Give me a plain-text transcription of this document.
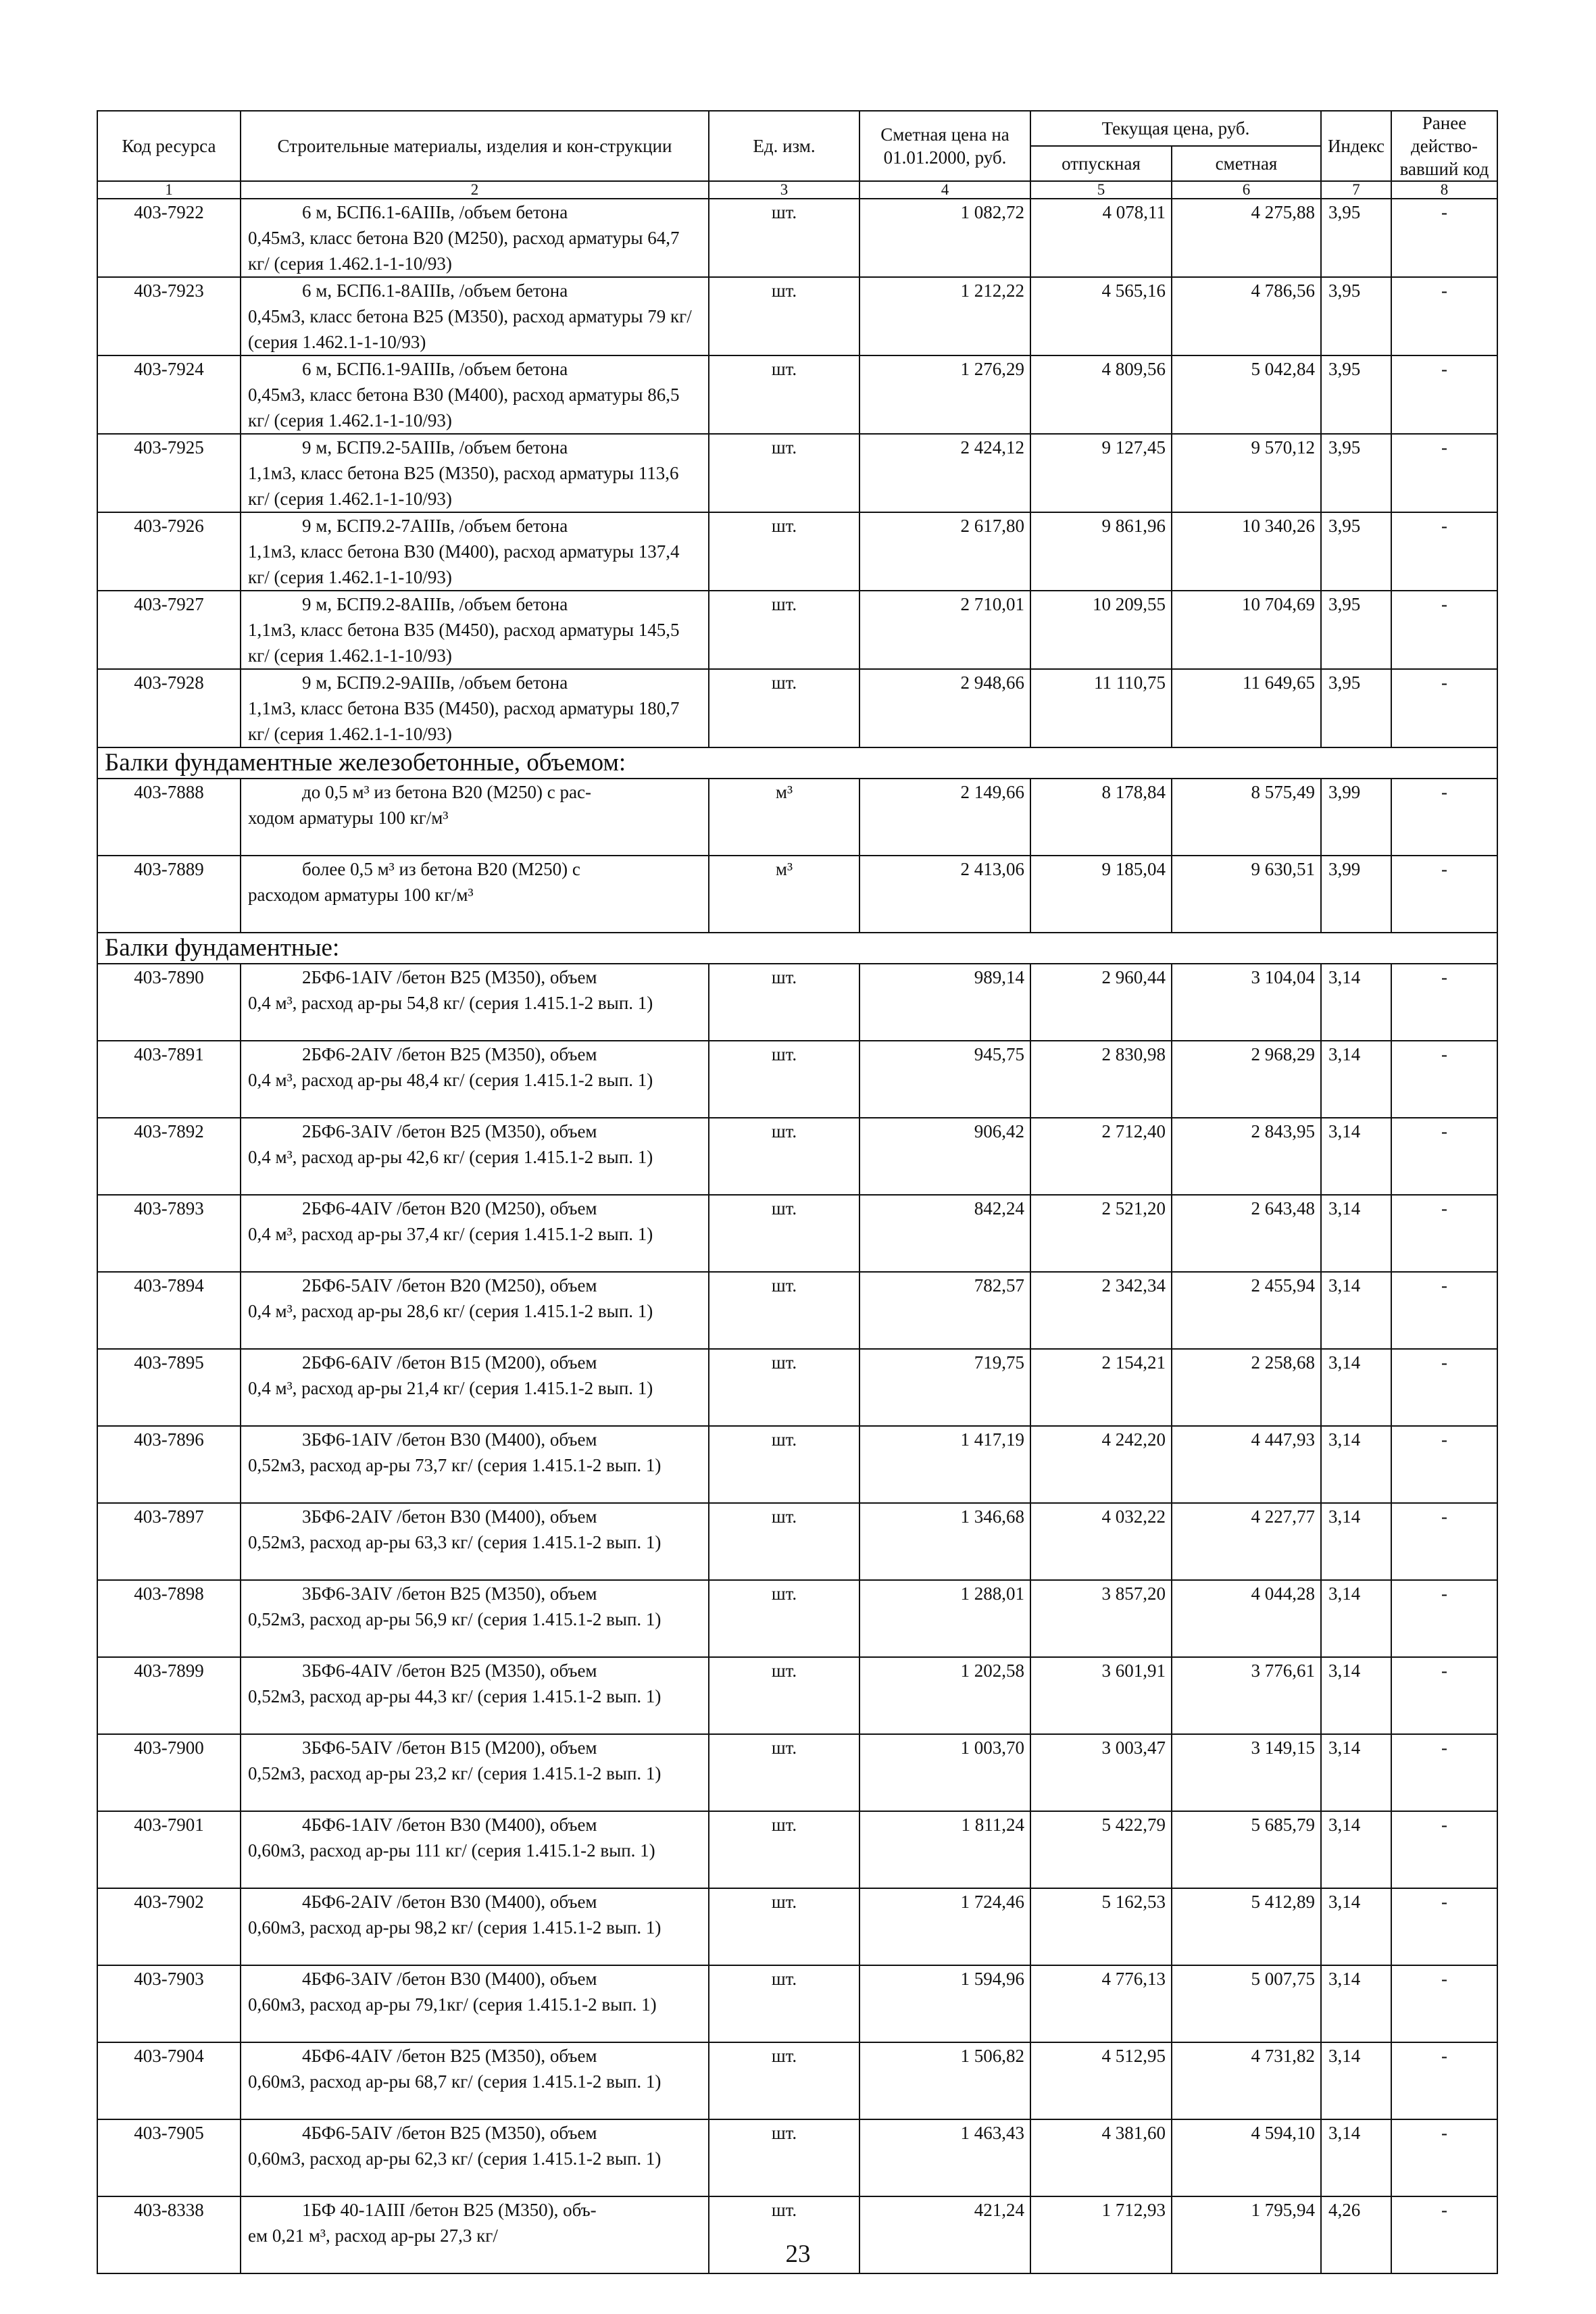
Код ресурса	Строительные материалы, изделия и кон-струкции	Ед. изм.	Сметная цена на 01.01.2000, руб.	Текущая цена, руб.		Индекс	Ранее действо-вавший код
				отпускная	сметная		
1	2	3	4	5	6	7	8
403-7922	6 м, БСП6.1-6AIIIв, /объем бетона
0,45м3, класс бетона В20 (М250), расход арматуры 64,7 кг/ (серия 1.462.1-1-10/93)	шт.	1 082,72	4 078,11	4 275,88	3,95	-
403-7923	6 м, БСП6.1-8AIIIв, /объем бетона
0,45м3, класс бетона В25 (М350), расход арматуры 79 кг/ (серия 1.462.1-1-10/93)	шт.	1 212,22	4 565,16	4 786,56	3,95	-
403-7924	6 м, БСП6.1-9AIIIв, /объем бетона
0,45м3, класс бетона В30 (М400), расход арматуры 86,5 кг/ (серия 1.462.1-1-10/93)	шт.	1 276,29	4 809,56	5 042,84	3,95	-
403-7925	9 м, БСП9.2-5AIIIв, /объем бетона
1,1м3, класс бетона В25 (М350), расход арматуры 113,6 кг/ (серия 1.462.1-1-10/93)	шт.	2 424,12	9 127,45	9 570,12	3,95	-
403-7926	9 м, БСП9.2-7AIIIв, /объем бетона
1,1м3, класс бетона В30 (М400), расход арматуры 137,4 кг/ (серия 1.462.1-1-10/93)	шт.	2 617,80	9 861,96	10 340,26	3,95	-
403-7927	9 м, БСП9.2-8AIIIв, /объем бетона
1,1м3, класс бетона В35 (М450), расход арматуры 145,5 кг/ (серия 1.462.1-1-10/93)	шт.	2 710,01	10 209,55	10 704,69	3,95	-
403-7928	9 м, БСП9.2-9AIIIв, /объем бетона
1,1м3, класс бетона В35 (М450), расход арматуры 180,7 кг/ (серия 1.462.1-1-10/93)	шт.	2 948,66	11 110,75	11 649,65	3,95	-
Балки фундаментные железобетонные, объемом:							
403-7888	до 0,5 м³ из бетона В20 (М250) с рас-
ходом арматуры 100 кг/м³	м³	2 149,66	8 178,84	8 575,49	3,99	-
403-7889	более 0,5 м³ из бетона В20 (М250) с
расходом арматуры 100 кг/м³	м³	2 413,06	9 185,04	9 630,51	3,99	-
Балки фундаментные:							
403-7890	2БФ6-1AIV /бетон В25 (М350), объем
0,4 м³, расход ар-ры 54,8 кг/ (серия 1.415.1-2 вып. 1)	шт.	989,14	2 960,44	3 104,04	3,14	-
403-7891	2БФ6-2AIV /бетон В25 (М350), объем
0,4 м³, расход ар-ры 48,4 кг/ (серия 1.415.1-2 вып. 1)	шт.	945,75	2 830,98	2 968,29	3,14	-
403-7892	2БФ6-3AIV /бетон В25 (М350), объем
0,4 м³, расход ар-ры 42,6 кг/ (серия 1.415.1-2 вып. 1)	шт.	906,42	2 712,40	2 843,95	3,14	-
403-7893	2БФ6-4AIV /бетон В20 (М250), объем
0,4 м³, расход ар-ры 37,4 кг/ (серия 1.415.1-2 вып. 1)	шт.	842,24	2 521,20	2 643,48	3,14	-
403-7894	2БФ6-5AIV /бетон В20 (М250), объем
0,4 м³, расход ар-ры 28,6 кг/ (серия 1.415.1-2 вып. 1)	шт.	782,57	2 342,34	2 455,94	3,14	-
403-7895	2БФ6-6AIV /бетон В15 (М200), объем
0,4 м³, расход ар-ры 21,4 кг/ (серия 1.415.1-2 вып. 1)	шт.	719,75	2 154,21	2 258,68	3,14	-
403-7896	3БФ6-1AIV /бетон В30 (М400), объем
0,52м3, расход ар-ры 73,7 кг/ (серия 1.415.1-2 вып. 1)	шт.	1 417,19	4 242,20	4 447,93	3,14	-
403-7897	3БФ6-2AIV /бетон В30 (М400), объем
0,52м3, расход ар-ры 63,3 кг/ (серия 1.415.1-2 вып. 1)	шт.	1 346,68	4 032,22	4 227,77	3,14	-
403-7898	3БФ6-3AIV /бетон В25 (М350), объем
0,52м3, расход ар-ры 56,9 кг/ (серия 1.415.1-2 вып. 1)	шт.	1 288,01	3 857,20	4 044,28	3,14	-
403-7899	3БФ6-4AIV /бетон В25 (М350), объем
0,52м3, расход ар-ры 44,3 кг/ (серия 1.415.1-2 вып. 1)	шт.	1 202,58	3 601,91	3 776,61	3,14	-
403-7900	3БФ6-5AIV /бетон В15 (М200), объем
0,52м3, расход ар-ры 23,2 кг/ (серия 1.415.1-2 вып. 1)	шт.	1 003,70	3 003,47	3 149,15	3,14	-
403-7901	4БФ6-1AIV /бетон В30 (М400), объем
0,60м3, расход ар-ры 111 кг/ (серия 1.415.1-2 вып. 1)	шт.	1 811,24	5 422,79	5 685,79	3,14	-
403-7902	4БФ6-2AIV /бетон В30 (М400), объем
0,60м3, расход ар-ры 98,2 кг/ (серия 1.415.1-2 вып. 1)	шт.	1 724,46	5 162,53	5 412,89	3,14	-
403-7903	4БФ6-3AIV /бетон В30 (М400), объем
0,60м3, расход ар-ры 79,1кг/ (серия 1.415.1-2 вып. 1)	шт.	1 594,96	4 776,13	5 007,75	3,14	-
403-7904	4БФ6-4AIV /бетон В25 (М350), объем
0,60м3, расход ар-ры 68,7 кг/ (серия 1.415.1-2 вып. 1)	шт.	1 506,82	4 512,95	4 731,82	3,14	-
403-7905	4БФ6-5AIV /бетон В25 (М350), объем
0,60м3, расход ар-ры 62,3 кг/ (серия 1.415.1-2 вып. 1)	шт.	1 463,43	4 381,60	4 594,10	3,14	-
403-8338	1БФ 40-1AIII /бетон В25 (М350), объ-
ем 0,21 м³, расход ар-ры 27,3 кг/	шт.	421,24	1 712,93	1 795,94	4,26	-
23
